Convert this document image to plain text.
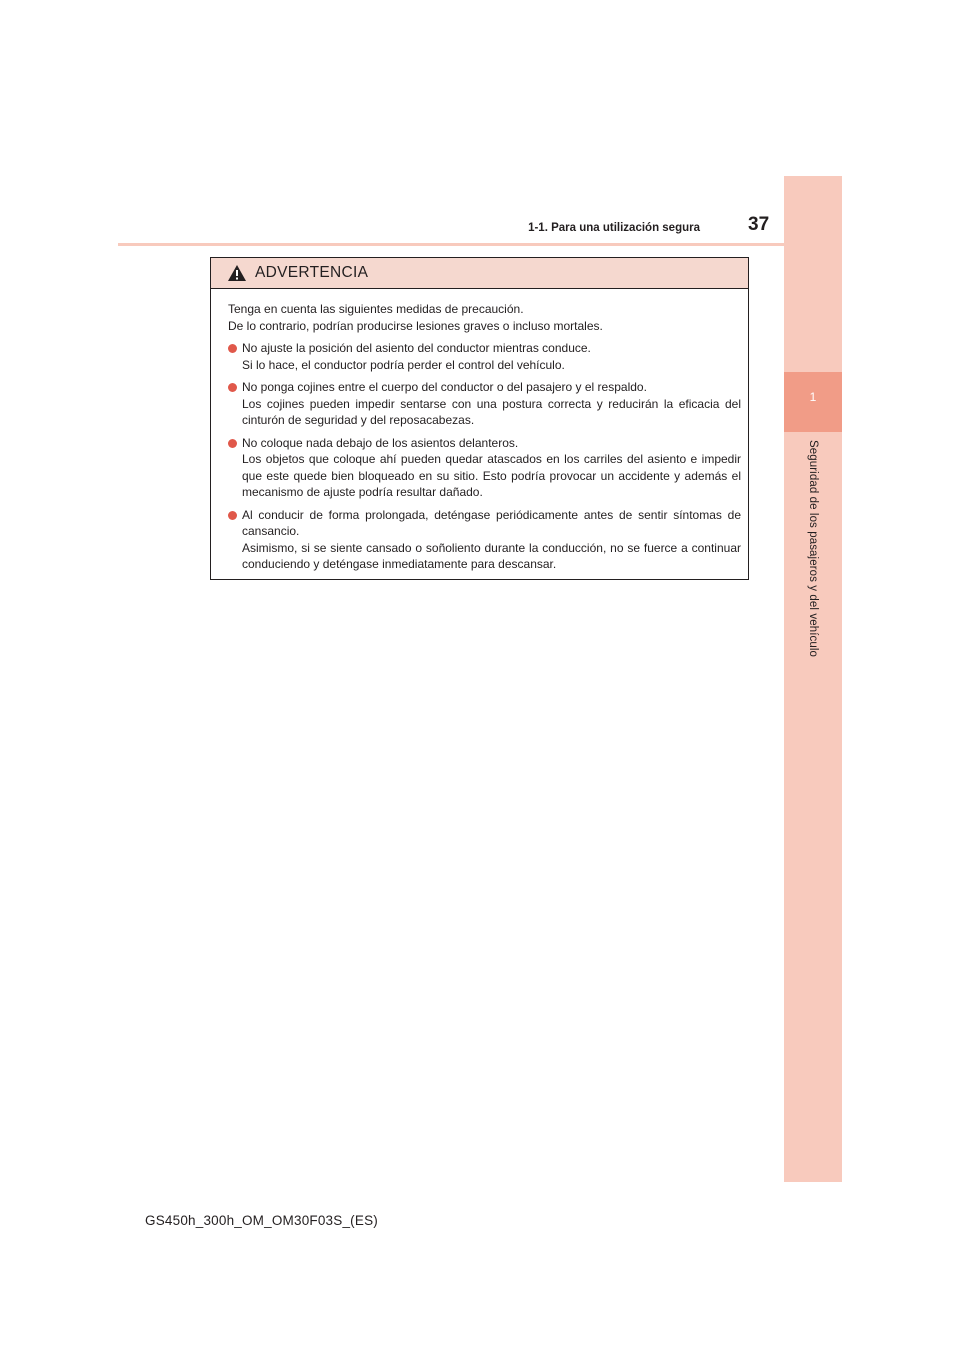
1
Seguridad de los pasajeros y del vehículo
1-1. Para una utilización segura	37
ADVERTENCIA

Tenga en cuenta las siguientes medidas de precaución.

De lo contrario, podrían producirse lesiones graves o incluso mortales.

No ajuste la posición del asiento del conductor mientras conduce.

Si lo hace, el conductor podría perder el control del vehículo.

No ponga cojines entre el cuerpo del conductor o del pasajero y el respaldo.

Los cojines pueden impedir sentarse con una postura correcta y reducirán la eficacia del cinturón de seguridad y del reposacabezas.

No coloque nada debajo de los asientos delanteros.

Los objetos que coloque ahí pueden quedar atascados en los carriles del asiento e impedir que este quede bien bloqueado en su sitio. Esto podría provocar un accidente y además el mecanismo de ajuste podría resultar dañado.

Al conducir de forma prolongada, deténgase periódicamente antes de sentir síntomas de cansancio.

Asimismo, si se siente cansado o soñoliento durante la conducción, no se fuerce a continuar conduciendo y deténgase inmediatamente para descansar.

GS450h_300h_OM_OM30F03S_(ES)
